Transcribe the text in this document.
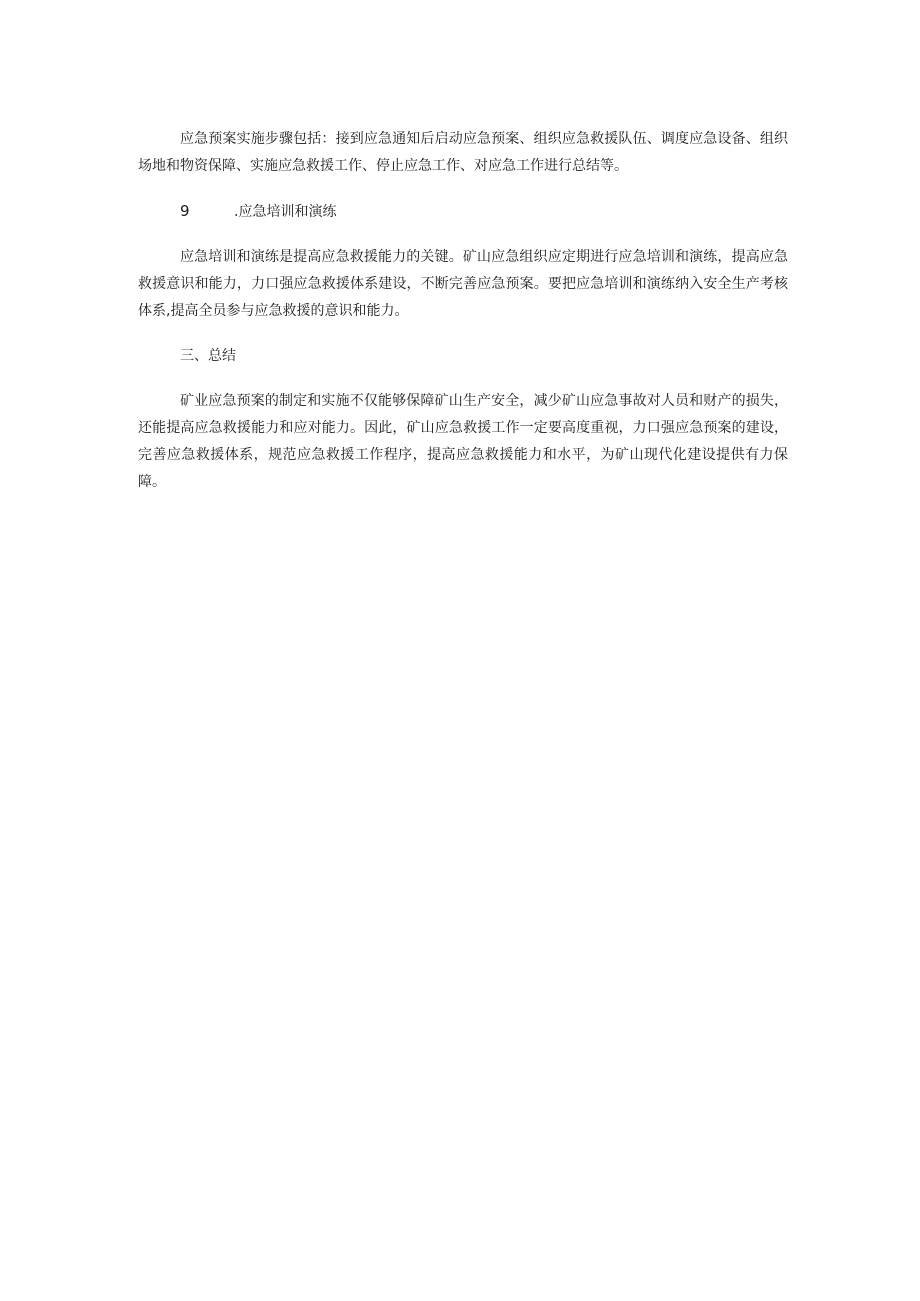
应急预案实施步骤包括：接到应急通知后启动应急预案、组织应急救援队伍、调度应急设备、组织场地和物资保障、实施应急救援工作、停止应急工作、对应急工作进行总结等。

9	.应急培训和演练

应急培训和演练是提高应急救援能力的关键。矿山应急组织应定期进行应急培训和演练，提高应急救援意识和能力，力口强应急救援体系建设，不断完善应急预案。要把应急培训和演练纳入安全生产考核体系,提高全员参与应急救援的意识和能力。

三、总结

矿业应急预案的制定和实施不仅能够保障矿山生产安全，减少矿山应急事故对人员和财产的损失，还能提高应急救援能力和应对能力。因此，矿山应急救援工作一定要高度重视，力口强应急预案的建设，完善应急救援体系，规范应急救援工作程序，提高应急救援能力和水平，为矿山现代化建设提供有力保障。
